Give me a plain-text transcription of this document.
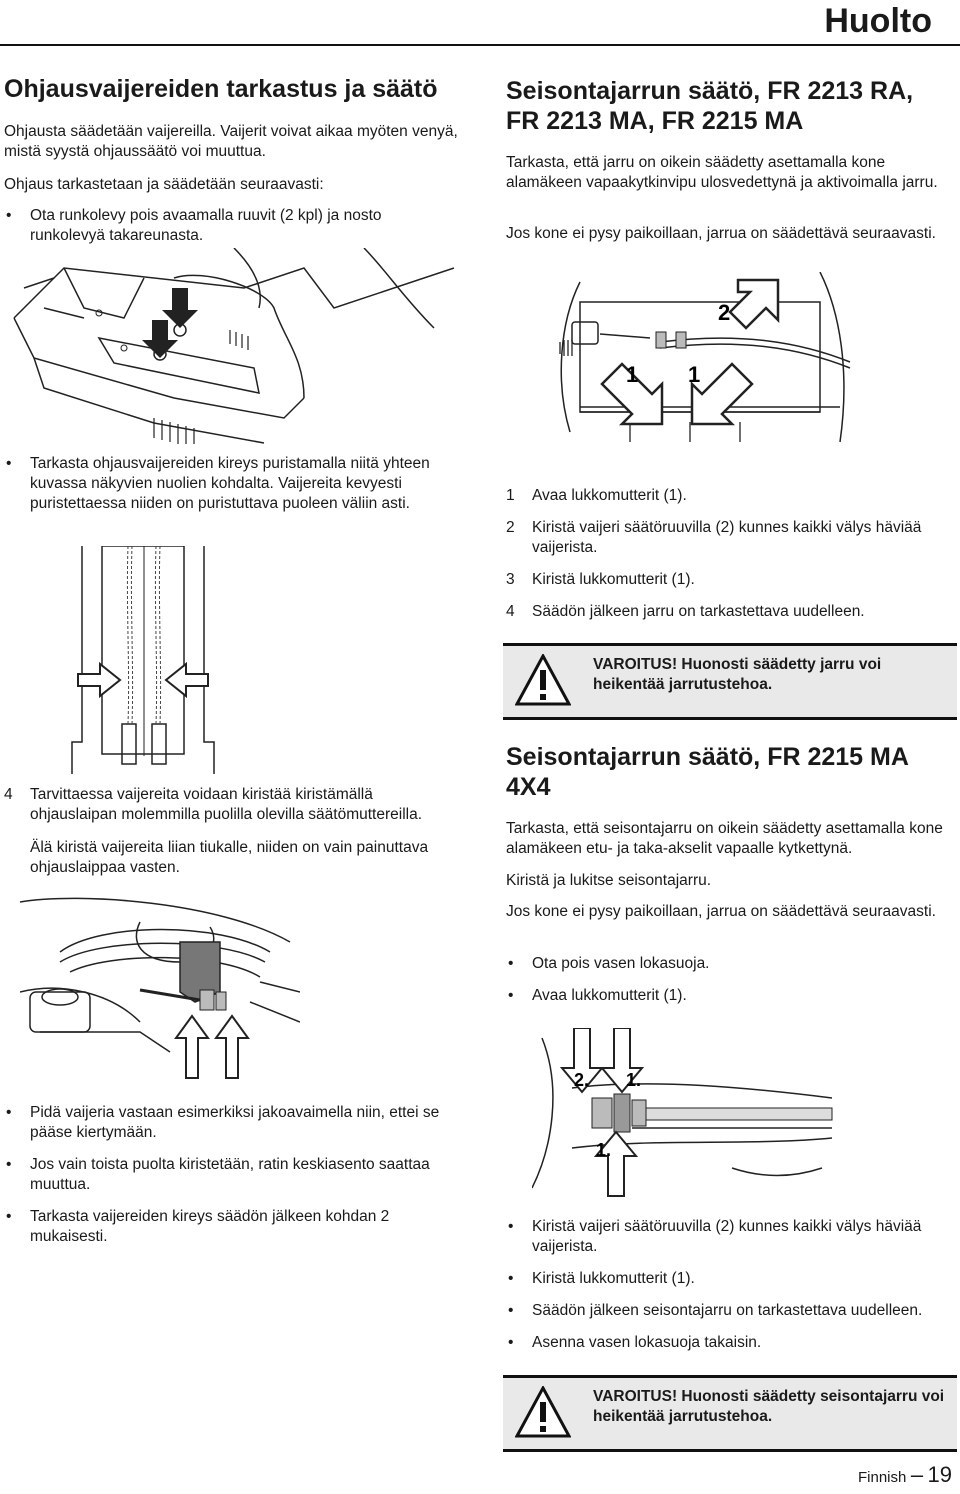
Huolto
Ohjausvaijereiden tarkastus ja säätö
Ohjausta säädetään vaijereilla. Vaijerit voivat aikaa myöten venyä, mistä syystä ohjaussäätö voi muuttua.
Ohjaus tarkastetaan ja säädetään seuraavasti:
• Ota runkolevy pois avaamalla ruuvit (2 kpl) ja nosto runkolevyä takareunasta.
• Tarkasta ohjausvaijereiden kireys puristamalla niitä yhteen kuvassa näkyvien nuolien kohdalta. Vaijereita kevyesti puristettaessa niiden on puristuttava puoleen väliin asti.
4 Tarvittaessa vaijereita voidaan kiristää kiristämällä ohjauslaipan molemmilla puolilla olevilla säätömuttereilla.
Älä kiristä vaijereita liian tiukalle, niiden on vain painuttava ohjauslaippaa vasten.
• Pidä vaijeria vastaan esimerkiksi jakoavaimella niin, ettei se pääse kiertymään.
• Jos vain toista puolta kiristetään, ratin keskiasento saattaa muuttua.
• Tarkasta vaijereiden kireys säädön jälkeen kohdan 2 mukaisesti.
Seisontajarrun säätö, FR 2213 RA, FR 2213 MA, FR 2215 MA
Tarkasta, että jarru on oikein säädetty asettamalla kone alamäkeen vapaakytkinvipu ulosvedettynä ja aktivoimalla jarru.
Jos kone ei pysy paikoillaan, jarrua on säädettävä seuraavasti.
2
1 1
1 Avaa lukkomutterit (1).
2 Kiristä vaijeri säätöruuvilla (2) kunnes kaikki välys häviää vaijerista.
3 Kiristä lukkomutterit (1).
4 Säädön jälkeen jarru on tarkastettava uudelleen.
VAROITUS! Huonosti säädetty jarru voi heikentää jarrutustehoa.
Seisontajarrun säätö, FR 2215 MA 4X4
Tarkasta, että seisontajarru on oikein säädetty asettamalla kone alamäkeen etu- ja taka-akselit vapaalle kytkettynä.
Kiristä ja lukitse seisontajarru.
Jos kone ei pysy paikoillaan, jarrua on säädettävä seuraavasti.
• Ota pois vasen lokasuoja.
• Avaa lukkomutterit (1).
2. 1.
1.
• Kiristä vaijeri säätöruuvilla (2) kunnes kaikki välys häviää vaijerista.
• Kiristä lukkomutterit (1).
• Säädön jälkeen seisontajarru on tarkastettava uudelleen.
• Asenna vasen lokasuoja takaisin.
VAROITUS! Huonosti säädetty seisontajarru voi heikentää jarrutustehoa.
Finnish – 19
